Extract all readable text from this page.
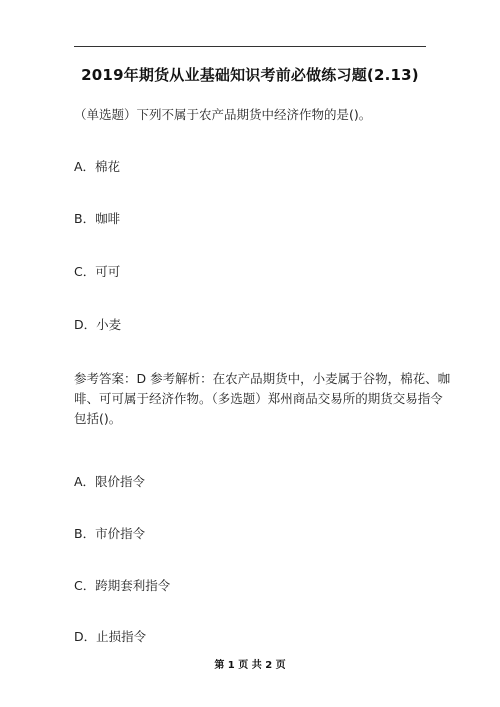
2019年期货从业基础知识考前必做练习题(2.13)
（单选题）下列不属于农产品期货中经济作物的是()。
A．棉花
B．咖啡
C．可可
D．小麦
参考答案：D 参考解析：在农产品期货中，小麦属于谷物，棉花、咖
啡、可可属于经济作物。（多选题）郑州商品交易所的期货交易指令
包括()。
A．限价指令
B．市价指令
C．跨期套利指令
D．止损指令
第 1 页 共 2 页
